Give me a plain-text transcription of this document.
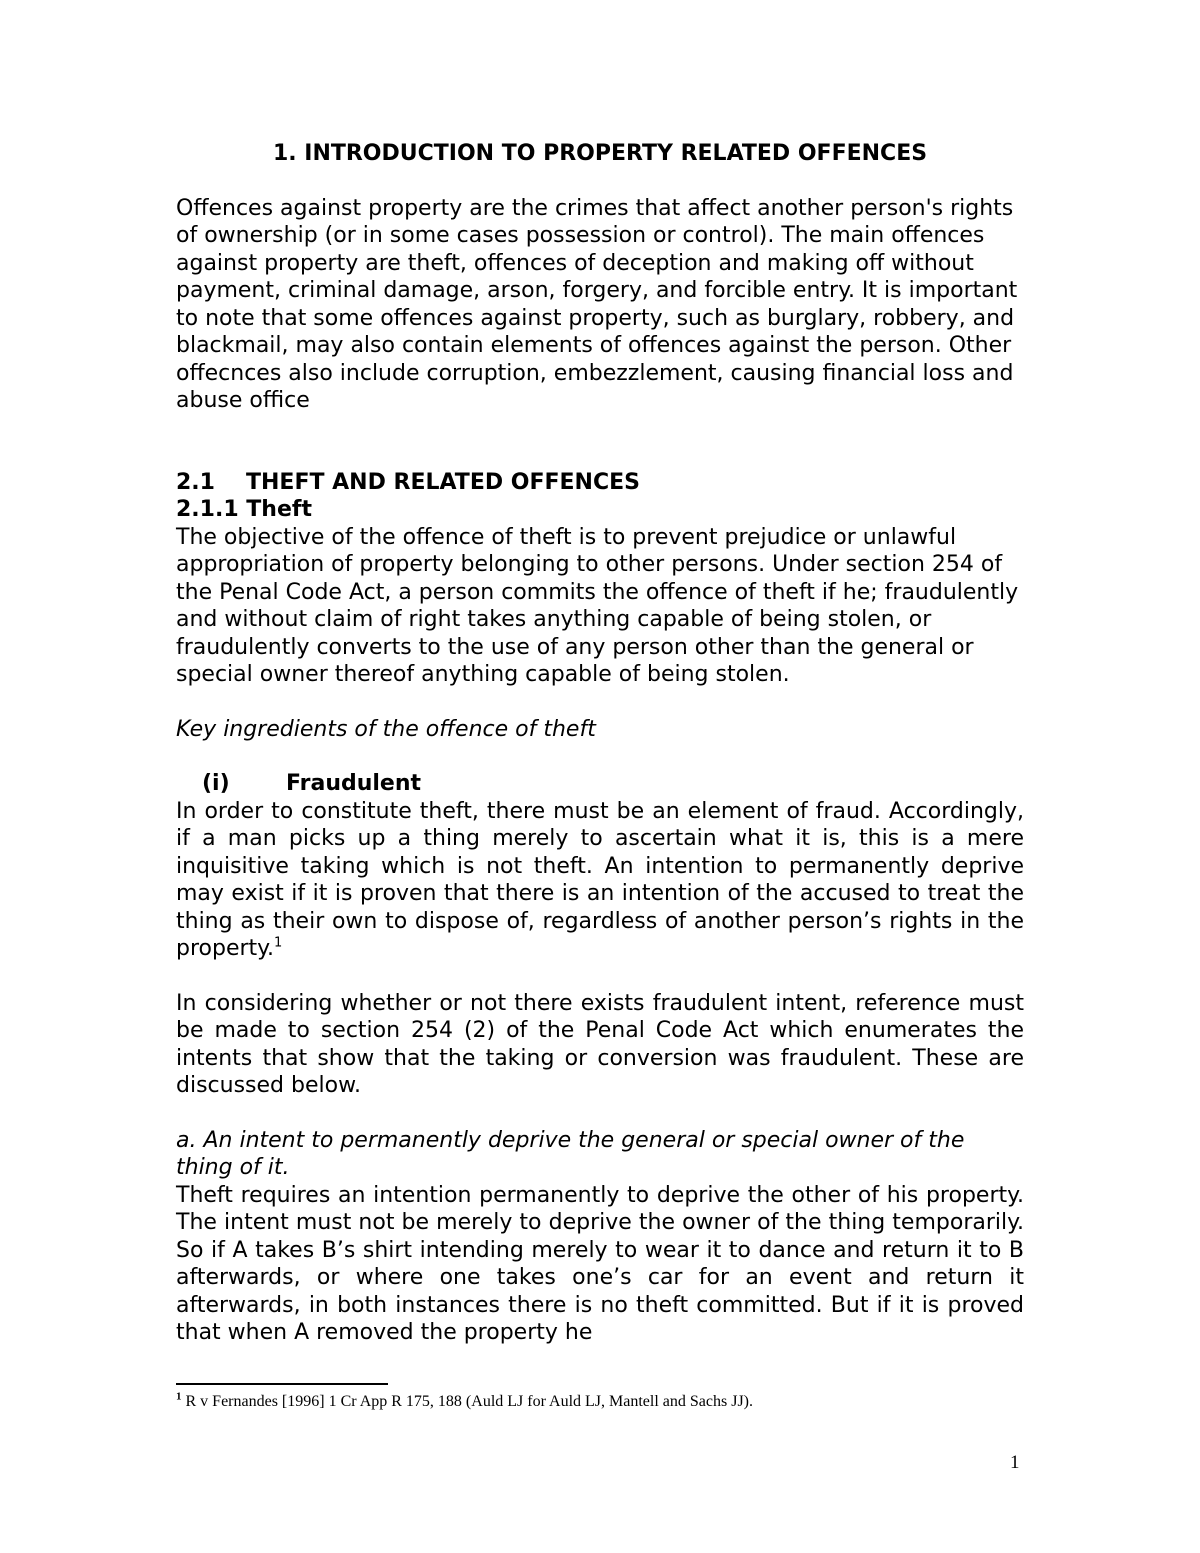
1. INTRODUCTION TO PROPERTY RELATED OFFENCES

Offences against property are the crimes that affect another person's rights of ownership (or in some cases possession or control). The main offences against property are theft, offences of deception and making off without payment, criminal damage, arson, forgery, and forcible entry. It is important to note that some offences against property, such as burglary, robbery, and blackmail, may also contain elements of offences against the person. Other offecnces also include corruption, embezzlement, causing financial loss and abuse office

2.1 THEFT AND RELATED OFFENCES

2.1.1 Theft

The objective of the offence of theft is to prevent prejudice or unlawful appropriation of property belonging to other persons. Under section 254 of the Penal Code Act, a person commits the offence of theft if he; fraudulently and without claim of right takes anything capable of being stolen, or fraudulently converts to the use of any person other than the general or special owner thereof anything capable of being stolen.

Key ingredients of the offence of theft

(i)	Fraudulent

In order to constitute theft, there must be an element of fraud. Accordingly, if a man picks up a thing merely to ascertain what it is, this is a mere inquisitive taking which is not theft. An intention to permanently deprive may exist if it is proven that there is an intention of the accused to treat the thing as their own to dispose of, regardless of another person’s rights in the property.$^1$

In considering whether or not there exists fraudulent intent, reference must be made to section 254 (2) of the Penal Code Act which enumerates the intents that show that the taking or conversion was fraudulent. These are discussed below.

a. An intent to permanently deprive the general or special owner of the thing of it.

Theft requires an intention permanently to deprive the other of his property. The intent must not be merely to deprive the owner of the thing temporarily. So if A takes B’s shirt intending merely to wear it to dance and return it to B afterwards, or where one takes one’s car for an event and return it afterwards, in both instances there is no theft committed. But if it is proved that when A removed the property he

$^1$ R v Fernandes [1996] 1 Cr App R 175, 188 (Auld LJ for Auld LJ, Mantell and Sachs JJ).
1
